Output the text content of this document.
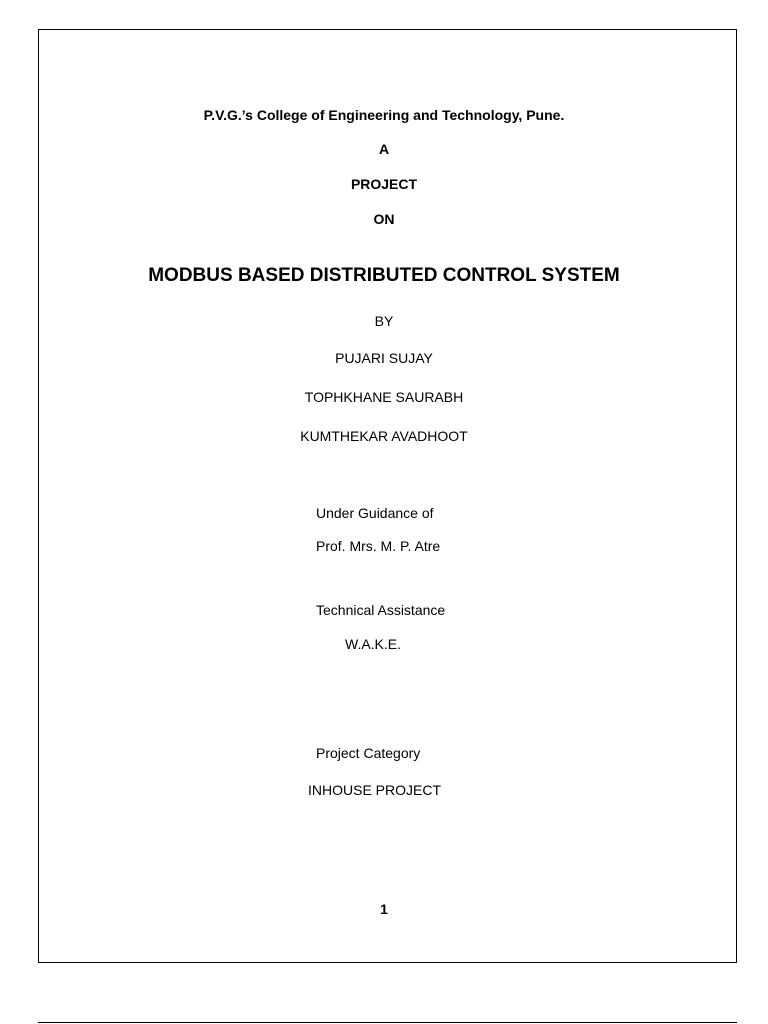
P.V.G.’s College of Engineering and Technology, Pune.
A
PROJECT
ON
MODBUS BASED DISTRIBUTED CONTROL SYSTEM
BY
PUJARI SUJAY
TOPHKHANE SAURABH
KUMTHEKAR AVADHOOT
Under Guidance of
Prof. Mrs. M. P. Atre
Technical Assistance
W.A.K.E.
Project Category
INHOUSE PROJECT
1
